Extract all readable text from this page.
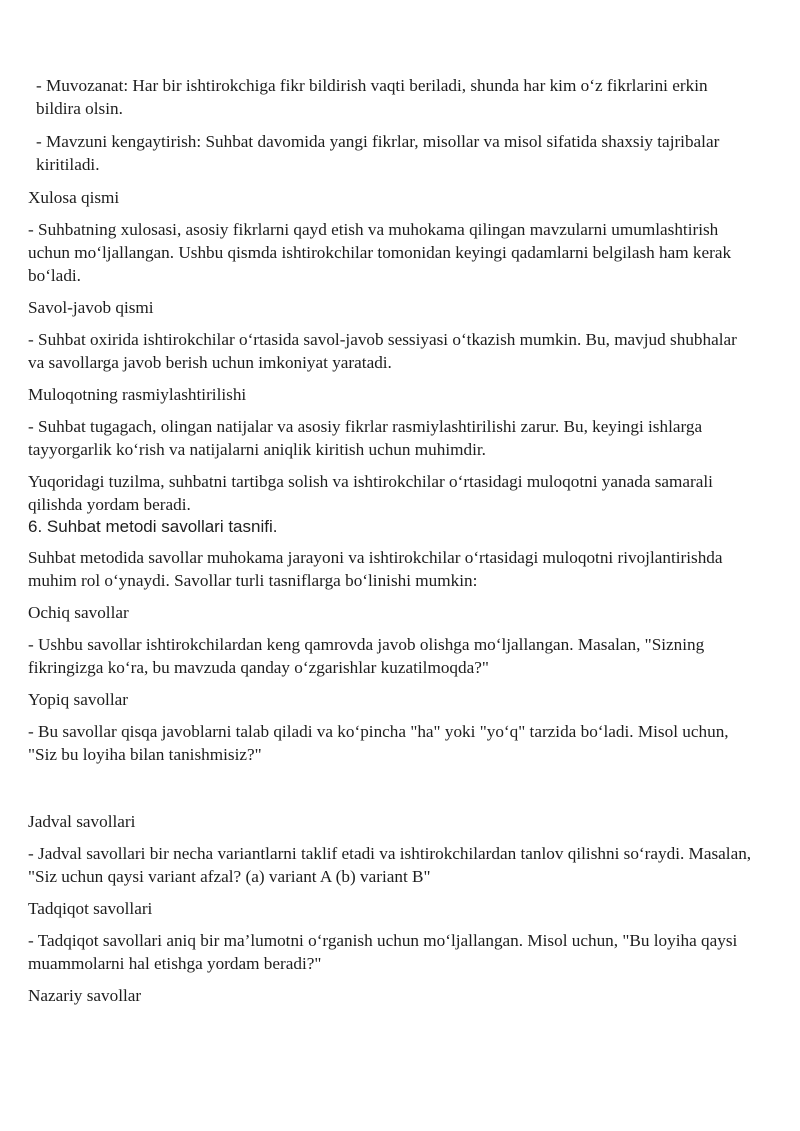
- Muvozanat: Har bir ishtirokchiga fikr bildirish vaqti beriladi, shunda har kim o‘z fikrlarini erkin bildira olsin.

- Mavzuni kengaytirish: Suhbat davomida yangi fikrlar, misollar va misol sifatida shaxsiy tajribalar kiritiladi.

Xulosa qismi

- Suhbatning xulosasi, asosiy fikrlarni qayd etish va muhokama qilingan mavzularni umumlashtirish uchun mo‘ljallangan. Ushbu qismda ishtirokchilar tomonidan keyingi qadamlarni belgilash ham kerak bo‘ladi.

Savol-javob qismi

- Suhbat oxirida ishtirokchilar o‘rtasida savol-javob sessiyasi o‘tkazish mumkin. Bu, mavjud shubhalar va savollarga javob berish uchun imkoniyat yaratadi.

Muloqotning rasmiylashtirilishi

- Suhbat tugagach, olingan natijalar va asosiy fikrlar rasmiylashtirilishi zarur. Bu, keyingi ishlarga tayyorgarlik ko‘rish va natijalarni aniqlik kiritish uchun muhimdir.

Yuqoridagi tuzilma, suhbatni tartibga solish va ishtirokchilar o‘rtasidagi muloqotni yanada samarali qilishda yordam beradi.

6. Suhbat metodi savollari tasnifi.

Suhbat metodida savollar muhokama jarayoni va ishtirokchilar o‘rtasidagi muloqotni rivojlantirishda muhim rol o‘ynaydi. Savollar turli tasniflarga bo‘linishi mumkin:

Ochiq savollar

- Ushbu savollar ishtirokchilardan keng qamrovda javob olishga mo‘ljallangan. Masalan, "Sizning fikringizga ko‘ra, bu mavzuda qanday o‘zgarishlar kuzatilmoqda?"

Yopiq savollar

- Bu savollar qisqa javoblarni talab qiladi va ko‘pincha "ha" yoki "yo‘q" tarzida bo‘ladi. Misol uchun, "Siz bu loyiha bilan tanishmisiz?"

Jadval savollari

- Jadval savollari bir necha variantlarni taklif etadi va ishtirokchilardan tanlov qilishni so‘raydi. Masalan, "Siz uchun qaysi variant afzal? (a) variant A (b) variant B"

Tadqiqot savollari

- Tadqiqot savollari aniq bir ma’lumotni o‘rganish uchun mo‘ljallangan. Misol uchun, "Bu loyiha qaysi muammolarni hal etishga yordam beradi?"

Nazariy savollar
